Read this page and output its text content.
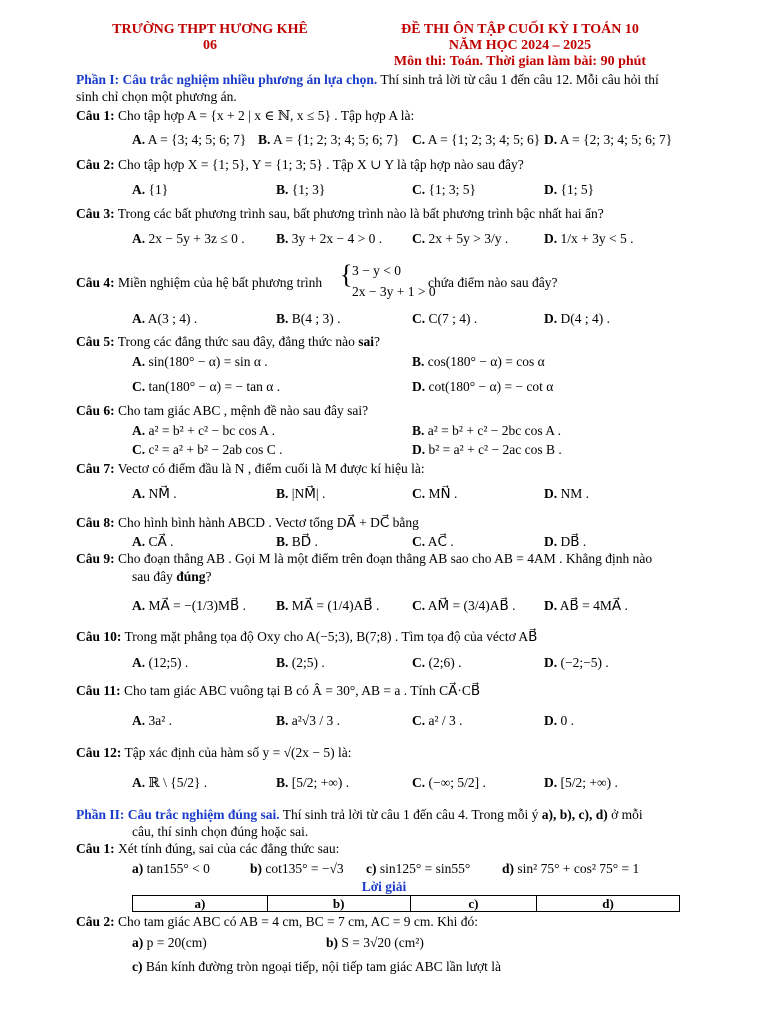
TRƯỜNG THPT HƯƠNG KHÊ
06
ĐỀ THI ÔN TẬP CUỐI KỲ I TOÁN 10
NĂM HỌC 2024 – 2025
Môn thi: Toán. Thời gian làm bài: 90 phút
Phần I: Câu trắc nghiệm nhiều phương án lựa chọn. Thí sinh trả lời từ câu 1 đến câu 12. Mỗi câu hỏi thí
sinh chỉ chọn một phương án.
Câu 1: Cho tập hợp A = {x + 2 | x ∈ ℕ, x ≤ 5} . Tập hợp A là:
A. A = {3; 4; 5; 6; 7} B. A = {1; 2; 3; 4; 5; 6; 7} C. A = {1; 2; 3; 4; 5; 6} D. A = {2; 3; 4; 5; 6; 7}
Câu 2: Cho tập hợp X = {1; 5}, Y = {1; 3; 5} . Tập X ∪ Y là tập hợp nào sau đây?
A. {1}	B. {1; 3}	C. {1; 3; 5}	D. {1; 5}
Câu 3: Trong các bất phương trình sau, bất phương trình nào là bất phương trình bậc nhất hai ẩn?
A. 2x − 5y + 3z ≤ 0 . B. 3y + 2x − 4 > 0 . C. 2x + 5y > 3/y .	D. 1/x + 3y < 5 .
Câu 4: Miền nghiệm của hệ bất phương trình { 3 − y < 0
2x − 3y + 1 > 0
chứa điểm nào sau đây?
A. A(3 ; 4) .	B. B(4 ; 3) .	C. C(7 ; 4) .	D. D(4 ; 4) .
Câu 5: Trong các đẳng thức sau đây, đẳng thức nào sai?
A. sin(180° − α) = sin α .	B. cos(180° − α) = cos α
C. tan(180° − α) = − tan α .	D. cot(180° − α) = − cot α
Câu 6: Cho tam giác ABC , mệnh đề nào sau đây sai?
A. a² = b² + c² − bc cos A .	B. a² = b² + c² − 2bc cos A .
C. c² = a² + b² − 2ab cos C .	D. b² = a² + c² − 2ac cos B .
Câu 7: Vectơ có điểm đầu là N , điểm cuối là M được kí hiệu là:
A. NM⃗ .	B. |NM⃗| .	C. MN⃗ .	D. NM .
Câu 8: Cho hình bình hành ABCD . Vectơ tổng DA⃗ + DC⃗ bằng
A. CA⃗ .	B. BD⃗ .	C. AC⃗ .	D. DB⃗ .
Câu 9: Cho đoạn thẳng AB . Gọi M là một điểm trên đoạn thẳng AB sao cho AB = 4AM . Khẳng định nào
sau đây đúng?
A. MA⃗ = −(1/3)MB⃗ . B. MA⃗ = (1/4)AB⃗ . C. AM⃗ = (3/4)AB⃗ . D. AB⃗ = 4MA⃗ .
Câu 10: Trong mặt phẳng tọa độ Oxy cho A(−5;3), B(7;8) . Tìm tọa độ của véctơ AB⃗
A. (12;5) .	B. (2;5) .	C. (2;6) .	D. (−2;−5) .
Câu 11: Cho tam giác ABC vuông tại B có Â = 30°, AB = a . Tính CA⃗·CB⃗
A. 3a² .	B. a²√3 / 3 .	C. a² / 3 .	D. 0 .
Câu 12: Tập xác định của hàm số y = √(2x − 5) là:
A. ℝ \ {5/2} .	B. [5/2; +∞) .	C. (−∞; 5/2] .	D. [5/2; +∞) .
Phần II: Câu trắc nghiệm đúng sai. Thí sinh trả lời từ câu 1 đến câu 4. Trong mỗi ý a), b), c), d) ở mỗi
câu, thí sinh chọn đúng hoặc sai.
Câu 1: Xét tính đúng, sai của các đẳng thức sau:
a) tan155° < 0	b) cot135° = −√3 c) sin125° = sin55° d) sin² 75° + cos² 75° = 1
Lời giải
a)	b)	c)	d)
Câu 2: Cho tam giác ABC có AB = 4 cm, BC = 7 cm, AC = 9 cm. Khi đó:
a) p = 20(cm)	b) S = 3√20 (cm²)
c) Bán kính đường tròn ngoại tiếp, nội tiếp tam giác ABC lần lượt là
